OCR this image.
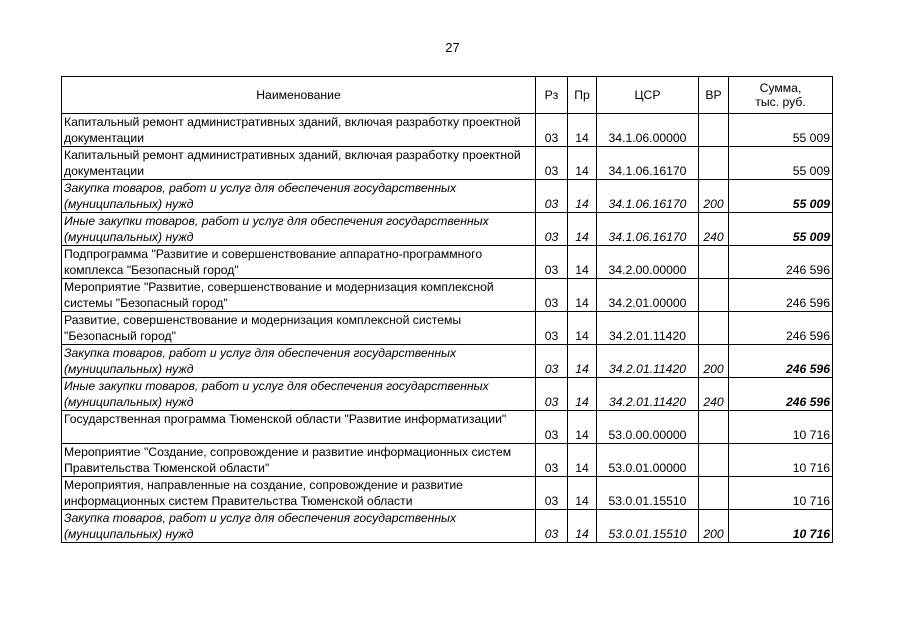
27
Наименование	Рз	Пр	ЦСР	ВР	Сумма,
тыс. руб.
Капитальный ремонт административных зданий, включая разработку проектной документации	03	14	34.1.06.00000		55 009
Капитальный ремонт административных зданий, включая разработку проектной документации	03	14	34.1.06.16170		55 009
Закупка товаров, работ и услуг для обеспечения государственных (муниципальных) нужд	03	14	34.1.06.16170	200	55 009
Иные закупки товаров, работ и услуг для обеспечения государственных (муниципальных) нужд	03	14	34.1.06.16170	240	55 009
Подпрограмма "Развитие и совершенствование аппаратно-программного комплекса "Безопасный город"	03	14	34.2.00.00000		246 596
Мероприятие "Развитие, совершенствование и модернизация комплексной системы "Безопасный город"	03	14	34.2.01.00000		246 596
Развитие, совершенствование и модернизация комплексной системы "Безопасный город"	03	14	34.2.01.11420		246 596
Закупка товаров, работ и услуг для обеспечения государственных (муниципальных) нужд	03	14	34.2.01.11420	200	246 596
Иные закупки товаров, работ и услуг для обеспечения государственных (муниципальных) нужд	03	14	34.2.01.11420	240	246 596
Государственная программа Тюменской области "Развитие информатизации"	03	14	53.0.00.00000		10 716
Мероприятие "Создание, сопровождение и развитие информационных систем Правительства Тюменской области"	03	14	53.0.01.00000		10 716
Мероприятия, направленные на создание, сопровождение и развитие информационных систем Правительства Тюменской области	03	14	53.0.01.15510		10 716
Закупка товаров, работ и услуг для обеспечения государственных (муниципальных) нужд	03	14	53.0.01.15510	200	10 716
